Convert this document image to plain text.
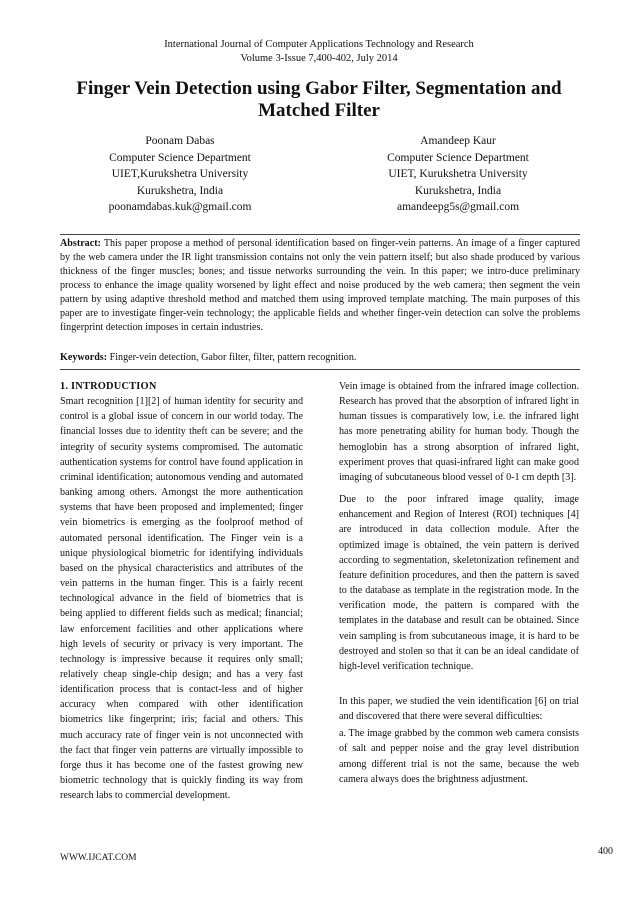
International Journal of Computer Applications Technology and Research
Volume 3-Issue 7,400-402, July 2014
Finger Vein Detection using Gabor Filter, Segmentation and
Matched Filter
Poonam Dabas
Computer Science Department
UIET,Kurukshetra University
Kurukshetra, India
poonamdabas.kuk@gmail.com
Amandeep Kaur
Computer Science Department
UIET, Kurukshetra University
Kurukshetra, India
amandeepg5s@gmail.com
Abstract: This paper propose a method of personal identification based on finger-vein patterns. An image of a finger captured by the web camera under the IR light transmission contains not only the vein pattern itself; but also shade produced by various thickness of the finger muscles; bones; and tissue networks surrounding the vein. In this paper; we intro-duce preliminary process to enhance the image quality worsened by light effect and noise produced by the web camera; then segment the vein pattern by using adaptive threshold method and matched them using improved template matching. The main purposes of this paper are to investigate finger-vein technology; the applicable fields and whether finger-vein detection can solve the problems fingerprint detection imposes in certain industries.
Keywords: Finger-vein detection, Gabor filter, filter, pattern recognition.
1. INTRODUCTION

Smart recognition [1][2] of human identity for security and control is a global issue of concern in our world today. The financial losses due to identity theft can be severe; and the integrity of security systems compromised. The automatic authentication systems for control have found application in criminal identification; autonomous vending and automated banking among others. Amongst the more authentication systems that have been proposed and implemented; finger vein biometrics is emerging as the foolproof method of automated personal identification. The Finger vein is a unique physiological biometric for identifying individuals based on the physical characteristics and attributes of the vein patterns in the human finger. This is a fairly recent technological advance in the field of biometrics that is being applied to different fields such as medical; financial; law enforcement facilities and other applications where high levels of security or privacy is very important. The technology is impressive because it requires only small; relatively cheap single-chip design; and has a very fast identification process that is contact-less and of higher accuracy when compared with other identification biometrics like fingerprint; iris; facial and others. This much accuracy rate of finger vein is not unconnected with the fact that finger vein patterns are virtually impossible to forge thus it has become one of the fastest growing new biometric technology that is quickly finding its way from research labs to commercial development.

Vein image is obtained from the infrared image collection. Research has proved that the absorption of infrared light in human tissues is comparatively low, i.e. the infrared light has more penetrating ability for human body. Though the hemoglobin has a strong absorption of infrared light, experiment proves that quasi-infrared light can make good imaging of subcutaneous blood vessel of 0-1 cm depth [3].

Due to the poor infrared image quality, image enhancement and Region of Interest (ROI) techniques [4] are introduced in data collection module. After the optimized image is obtained, the vein pattern is derived according to segmentation, skeletonization refinement and feature definition procedures, and then the pattern is saved to the database as template in the registration mode. In the verification mode, the pattern is compared with the templates in the database and result can be obtained. Since vein sampling is from subcutaneous image, it is hard to be destroyed and stolen so that it can be an ideal candidate of high-level verification technique.

In this paper, we studied the vein identification [6] on trial and discovered that there were several difficulties:

a. The image grabbed by the common web camera consists of salt and pepper noise and the gray level distribution among different trial is not the same, because the web camera always does the brightness adjustment.

400
WWW.IJCAT.COM
